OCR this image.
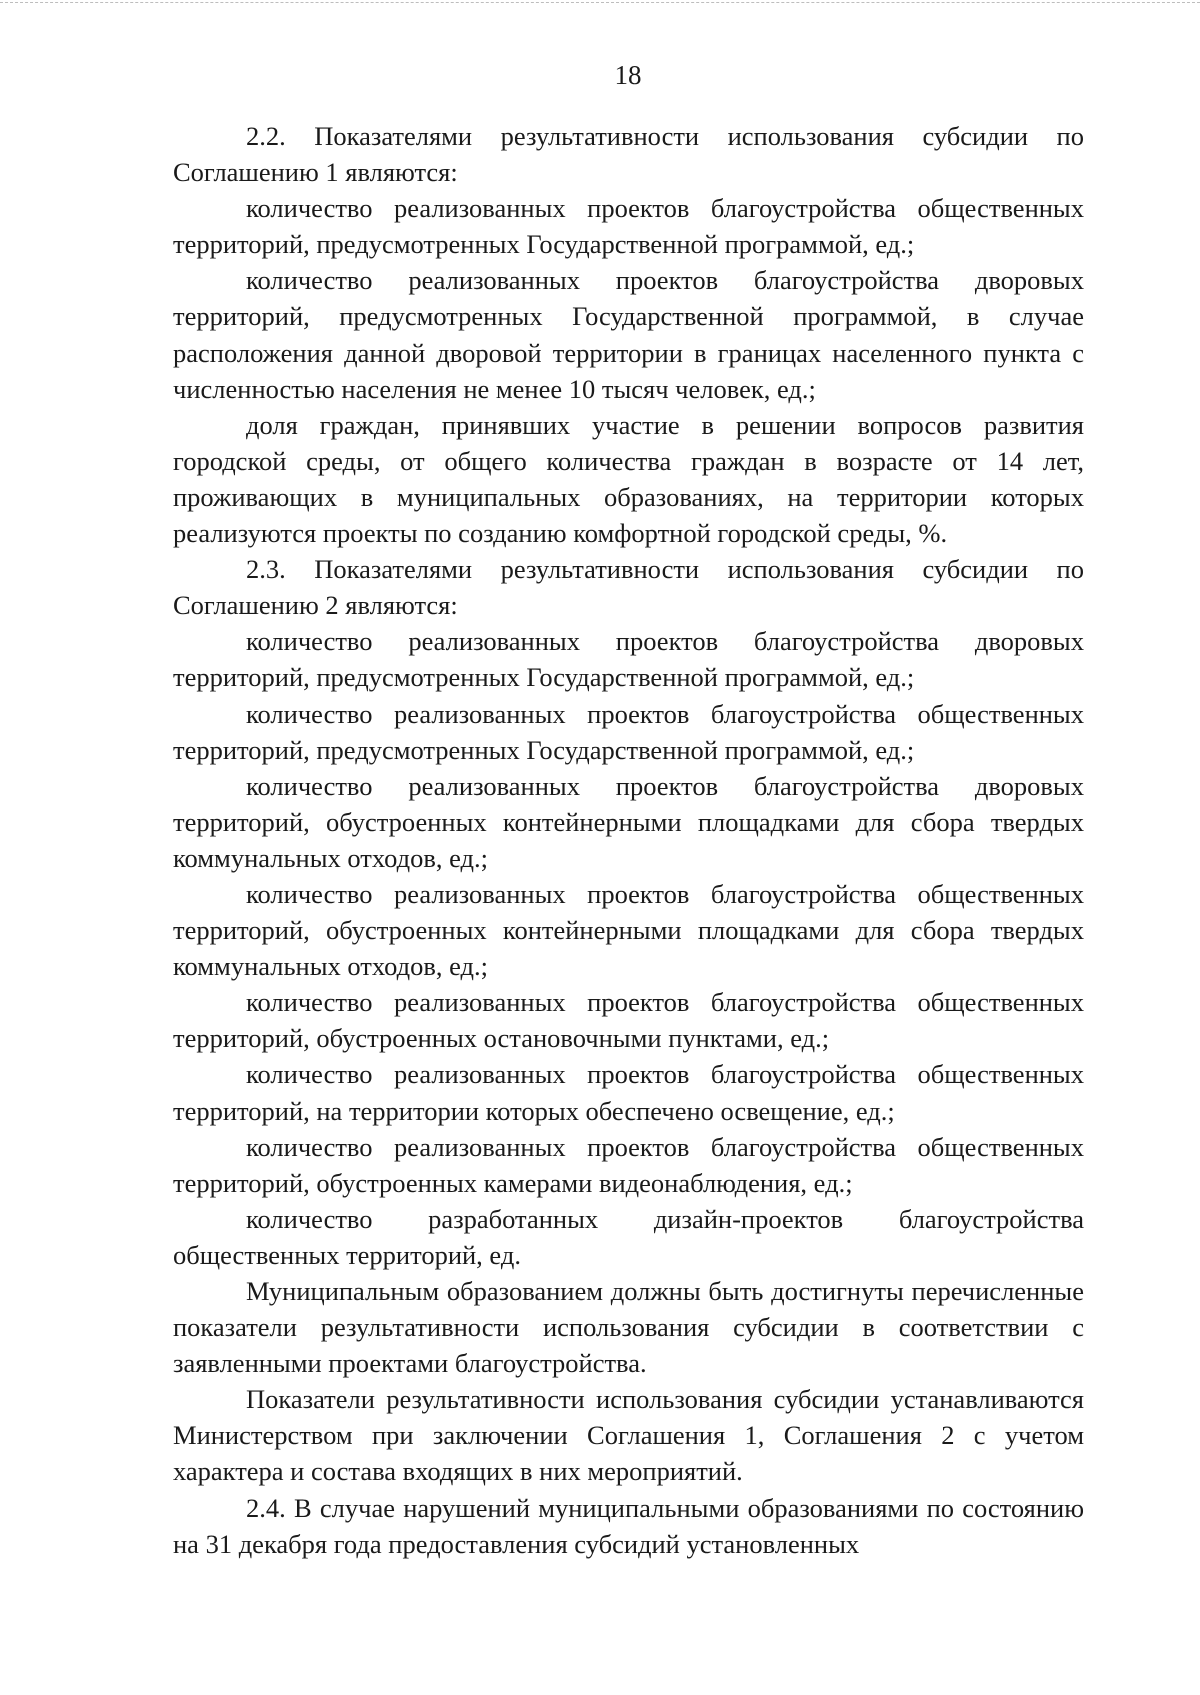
18

2.2. Показателями результативности использования субсидии по Соглашению 1 являются:

количество реализованных проектов благоустройства общественных территорий, предусмотренных Государственной программой, ед.;

количество реализованных проектов благоустройства дворовых территорий, предусмотренных Государственной программой, в случае расположения данной дворовой территории в границах населенного пункта с численностью населения не менее 10 тысяч человек, ед.;

доля граждан, принявших участие в решении вопросов развития городской среды, от общего количества граждан в возрасте от 14 лет, проживающих в муниципальных образованиях, на территории которых реализуются проекты по созданию комфортной городской среды, %.

2.3. Показателями результативности использования субсидии по Соглашению 2 являются:

количество реализованных проектов благоустройства дворовых территорий, предусмотренных Государственной программой, ед.;

количество реализованных проектов благоустройства общественных территорий, предусмотренных Государственной программой, ед.;

количество реализованных проектов благоустройства дворовых территорий, обустроенных контейнерными площадками для сбора твердых коммунальных отходов, ед.;

количество реализованных проектов благоустройства общественных территорий, обустроенных контейнерными площадками для сбора твердых коммунальных отходов, ед.;

количество реализованных проектов благоустройства общественных территорий, обустроенных остановочными пунктами, ед.;

количество реализованных проектов благоустройства общественных территорий, на территории которых обеспечено освещение, ед.;

количество реализованных проектов благоустройства общественных территорий, обустроенных камерами видеонаблюдения, ед.;

количество разработанных дизайн-проектов благоустройства общественных территорий, ед.

Муниципальным образованием должны быть достигнуты перечисленные показатели результативности использования субсидии в соответствии с заявленными проектами благоустройства.

Показатели результативности использования субсидии устанавливаются Министерством при заключении Соглашения 1, Соглашения 2 с учетом характера и состава входящих в них мероприятий.

2.4. В случае нарушений муниципальными образованиями по состоянию на 31 декабря года предоставления субсидий установленных
